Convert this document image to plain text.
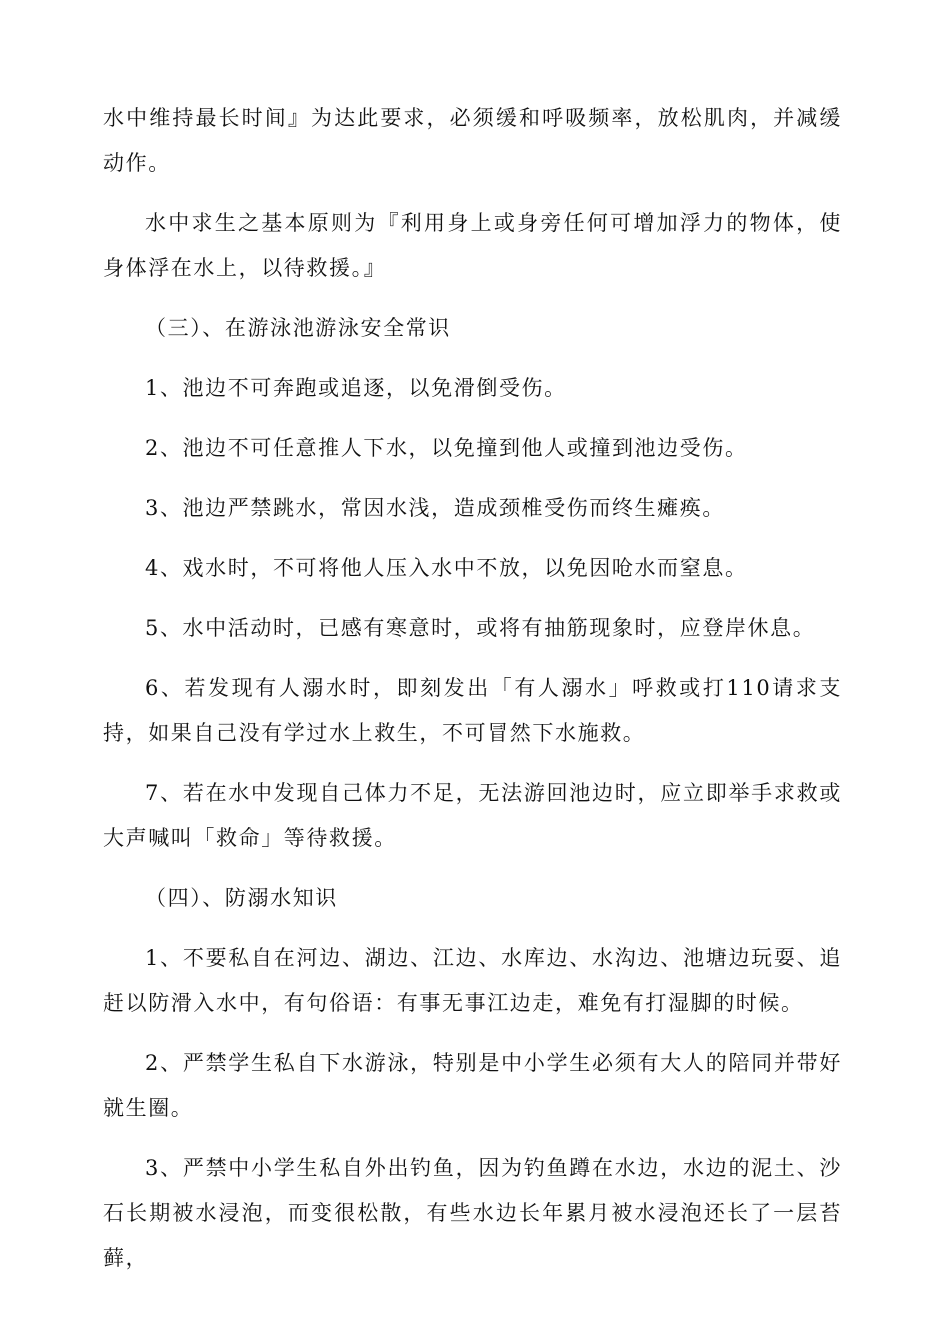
水中维持最长时间』为达此要求，必须缓和呼吸频率，放松肌肉，并减缓动作。

水中求生之基本原则为『利用身上或身旁任何可增加浮力的物体，使身体浮在水上，以待救援。』

（三）、在游泳池游泳安全常识

1、池边不可奔跑或追逐，以免滑倒受伤。

2、池边不可任意推人下水，以免撞到他人或撞到池边受伤。

3、池边严禁跳水，常因水浅，造成颈椎受伤而终生瘫痪。

4、戏水时，不可将他人压入水中不放，以免因呛水而窒息。

5、水中活动时，已感有寒意时，或将有抽筋现象时，应登岸休息。

6、若发现有人溺水时，即刻发出「有人溺水」呼救或打110请求支持，如果自己没有学过水上救生，不可冒然下水施救。

7、若在水中发现自己体力不足，无法游回池边时，应立即举手求救或大声喊叫「救命」等待救援。

（四）、防溺水知识

1、不要私自在河边、湖边、江边、水库边、水沟边、池塘边玩耍、追赶以防滑入水中，有句俗语：有事无事江边走，难免有打湿脚的时候。

2、严禁学生私自下水游泳，特别是中小学生必须有大人的陪同并带好就生圈。

3、严禁中小学生私自外出钓鱼，因为钓鱼蹲在水边，水边的泥土、沙石长期被水浸泡，而变很松散，有些水边长年累月被水浸泡还长了一层苔藓，
